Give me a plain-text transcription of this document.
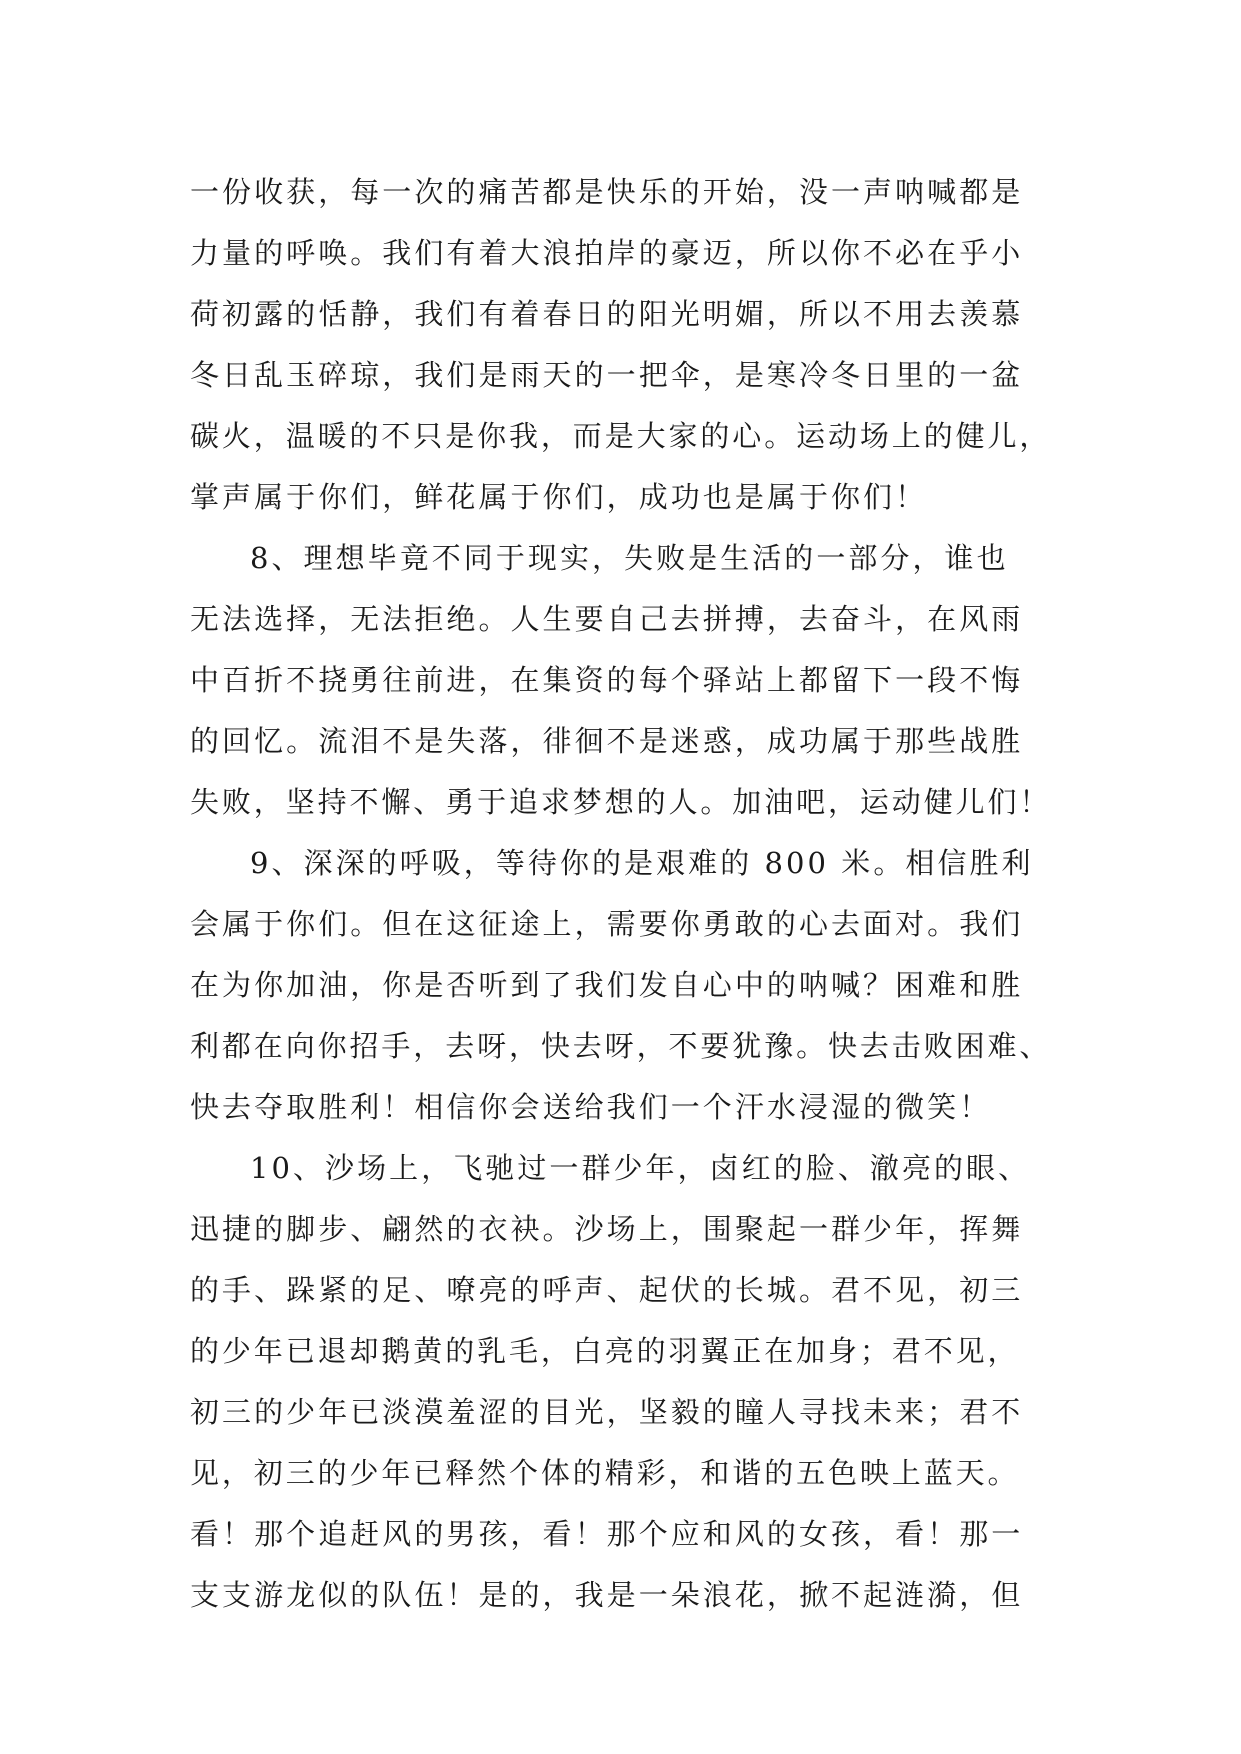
一份收获，每一次的痛苦都是快乐的开始，没一声呐喊都是
力量的呼唤。我们有着大浪拍岸的豪迈，所以你不必在乎小
荷初露的恬静，我们有着春日的阳光明媚，所以不用去羡慕
冬日乱玉碎琼，我们是雨天的一把伞，是寒冷冬日里的一盆
碳火，温暖的不只是你我，而是大家的心。运动场上的健儿，
掌声属于你们，鲜花属于你们，成功也是属于你们！
8、理想毕竟不同于现实，失败是生活的一部分，谁也
无法选择，无法拒绝。人生要自己去拼搏，去奋斗，在风雨
中百折不挠勇往前进，在集资的每个驿站上都留下一段不悔
的回忆。流泪不是失落，徘徊不是迷惑，成功属于那些战胜
失败，坚持不懈、勇于追求梦想的人。加油吧，运动健儿们！
9、深深的呼吸，等待你的是艰难的 800 米。相信胜利
会属于你们。但在这征途上，需要你勇敢的心去面对。我们
在为你加油，你是否听到了我们发自心中的呐喊？困难和胜
利都在向你招手，去呀，快去呀，不要犹豫。快去击败困难、
快去夺取胜利！相信你会送给我们一个汗水浸湿的微笑！
10、沙场上，飞驰过一群少年，卤红的脸、澈亮的眼、
迅捷的脚步、翩然的衣袂。沙场上，围聚起一群少年，挥舞
的手、跺紧的足、嘹亮的呼声、起伏的长城。君不见，初三
的少年已退却鹅黄的乳毛，白亮的羽翼正在加身；君不见，
初三的少年已淡漠羞涩的目光，坚毅的瞳人寻找未来；君不
见，初三的少年已释然个体的精彩，和谐的五色映上蓝天。
看！那个追赶风的男孩，看！那个应和风的女孩，看！那一
支支游龙似的队伍！是的，我是一朵浪花，掀不起涟漪，但
